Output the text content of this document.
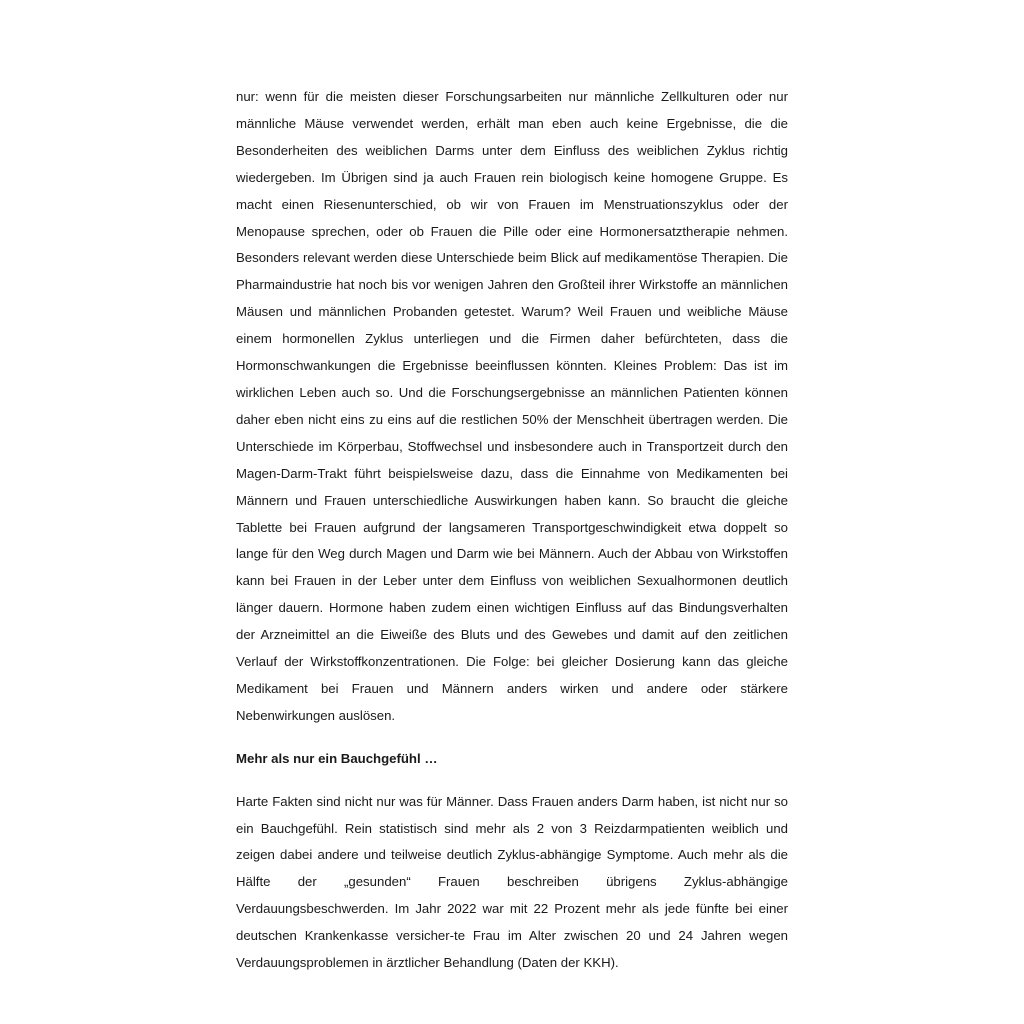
nur: wenn für die meisten dieser Forschungsarbeiten nur männliche Zellkulturen oder nur männliche Mäuse verwendet werden, erhält man eben auch keine Ergebnisse, die die Besonderheiten des weiblichen Darms unter dem Einfluss des weiblichen Zyklus richtig wiedergeben. Im Übrigen sind ja auch Frauen rein biologisch keine homogene Gruppe. Es macht einen Riesenunterschied, ob wir von Frauen im Menstruationszyklus oder der Menopause sprechen, oder ob Frauen die Pille oder eine Hormonersatztherapie nehmen. Besonders relevant werden diese Unterschiede beim Blick auf medikamentöse Therapien. Die Pharmaindustrie hat noch bis vor wenigen Jahren den Großteil ihrer Wirkstoffe an männlichen Mäusen und männlichen Probanden getestet. Warum? Weil Frauen und weibliche Mäuse einem hormonellen Zyklus unterliegen und die Firmen daher befürchteten, dass die Hormonschwankungen die Ergebnisse beeinflussen könnten. Kleines Problem: Das ist im wirklichen Leben auch so. Und die Forschungsergebnisse an männlichen Patienten können daher eben nicht eins zu eins auf die restlichen 50% der Menschheit übertragen werden. Die Unterschiede im Körperbau, Stoffwechsel und insbesondere auch in Transportzeit durch den Magen-Darm-Trakt führt beispielsweise dazu, dass die Einnahme von Medikamenten bei Männern und Frauen unterschiedliche Auswirkungen haben kann. So braucht die gleiche Tablette bei Frauen aufgrund der langsameren Transportgeschwindigkeit etwa doppelt so lange für den Weg durch Magen und Darm wie bei Männern. Auch der Abbau von Wirkstoffen kann bei Frauen in der Leber unter dem Einfluss von weiblichen Sexualhormonen deutlich länger dauern. Hormone haben zudem einen wichtigen Einfluss auf das Bindungsverhalten der Arzneimittel an die Eiweiße des Bluts und des Gewebes und damit auf den zeitlichen Verlauf der Wirkstoffkonzentrationen. Die Folge: bei gleicher Dosierung kann das gleiche Medikament bei Frauen und Männern anders wirken und andere oder stärkere Nebenwirkungen auslösen.

Mehr als nur ein Bauchgefühl …

Harte Fakten sind nicht nur was für Männer. Dass Frauen anders Darm haben, ist nicht nur so ein Bauchgefühl. Rein statistisch sind mehr als 2 von 3 Reizdarmpatienten weiblich und zeigen dabei andere und teilweise deutlich Zyklus-abhängige Symptome. Auch mehr als die Hälfte der „gesunden“ Frauen beschreiben übrigens Zyklus-abhängige Verdauungsbeschwerden. Im Jahr 2022 war mit 22 Prozent mehr als jede fünfte bei einer deutschen Krankenkasse versicher-te Frau im Alter zwischen 20 und 24 Jahren wegen Verdauungsproblemen in ärztlicher Behandlung (Daten der KKH).
